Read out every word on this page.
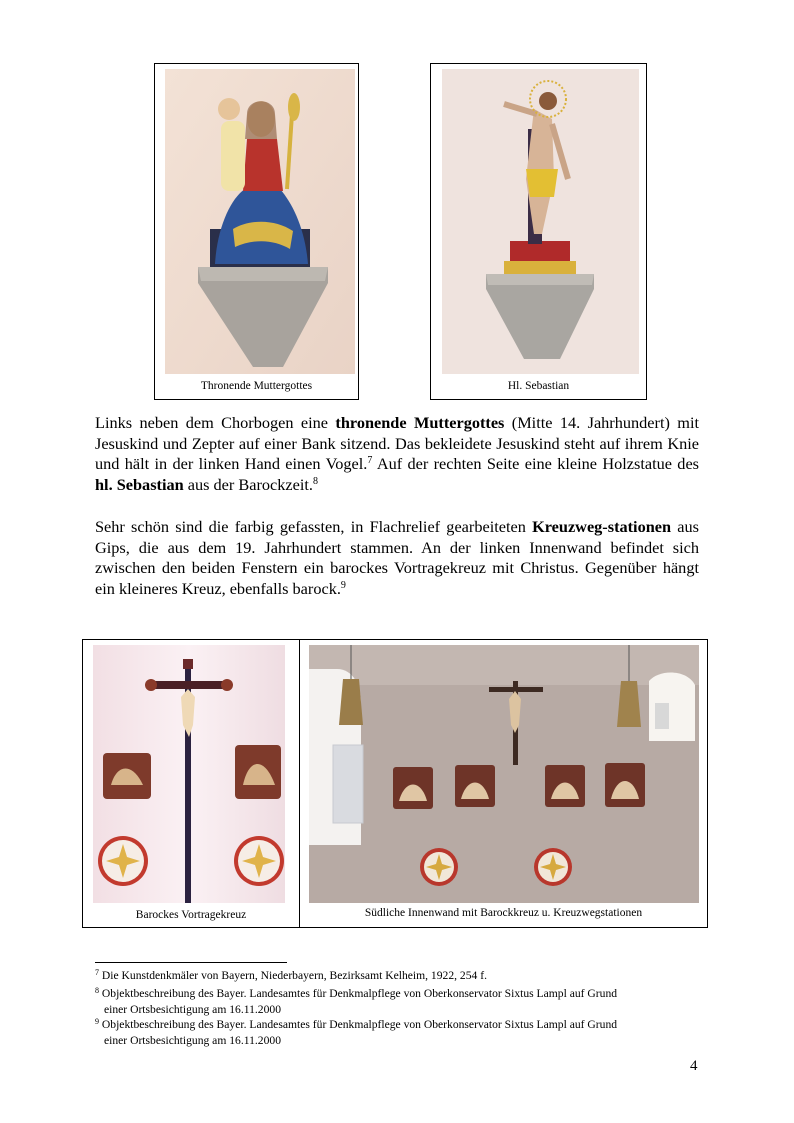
Thronende Muttergottes	Hl. Sebastian

Links neben dem Chorbogen eine thronende Muttergottes (Mitte 14. Jahrhundert) mit Jesuskind und Zepter auf einer Bank sitzend. Das bekleidete Jesuskind steht auf ihrem Knie und hält in der linken Hand einen Vogel.$^7$ Auf der rechten Seite eine kleine Holzstatue des hl. Sebastian aus der Barockzeit.$^8$

Sehr schön sind die farbig gefassten, in Flachrelief gearbeiteten Kreuzweg-stationen aus Gips, die aus dem 19. Jahrhundert stammen. An der linken Innenwand befindet sich zwischen den beiden Fenstern ein barockes Vortragekreuz mit Christus. Gegenüber hängt ein kleineres Kreuz, ebenfalls barock.$^9$

Barockes Vortragekreuz	Südliche Innenwand mit Barockkreuz u. Kreuzwegstationen

$^7$ Die Kunstdenkmäler von Bayern, Niederbayern, Bezirksamt Kelheim, 1922, 254 f.

$^8$ Objektbeschreibung des Bayer. Landesamtes für Denkmalpflege von Oberkonservator Sixtus Lampl auf Grund
einer Ortsbesichtigung am 16.11.2000

$^9$ Objektbeschreibung des Bayer. Landesamtes für Denkmalpflege von Oberkonservator Sixtus Lampl auf Grund
einer Ortsbesichtigung am 16.11.2000

4
